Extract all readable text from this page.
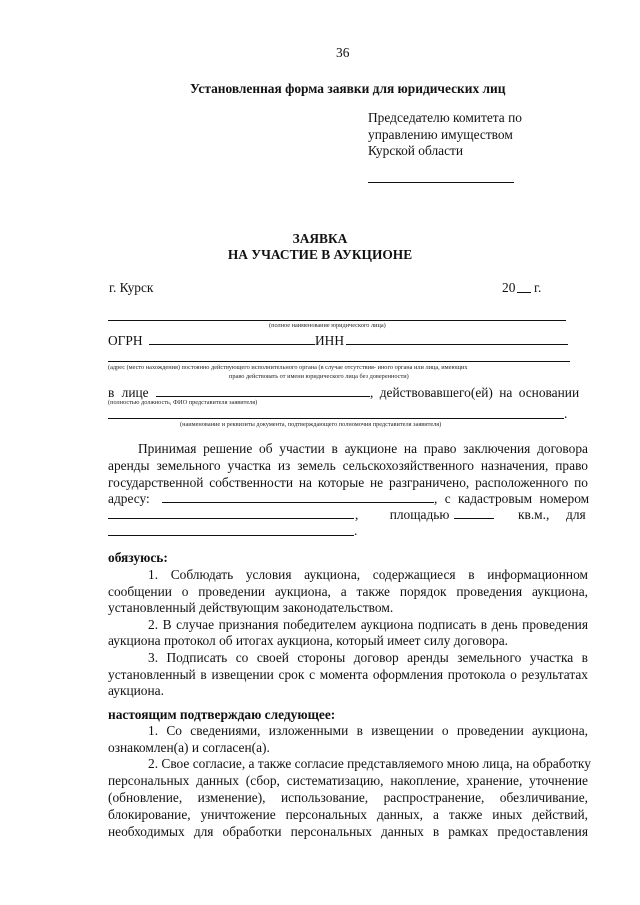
36
Установленная форма заявки для юридических лиц
Председателю комитета по
управлению имуществом
Курской области
ЗАЯВКА
НА УЧАСТИЕ В АУКЦИОНЕ
г. Курск	20 г.
(полное наименование юридического лица)
ОГРН	ИНН
(адрес (место нахождения) постоянно действующего исполнительного органа (в случае отсутствия- иного органа или лица, имеющих
право действовать от имени юридического лица без доверенности)
в лице	, действовавшего(ей) на основании
(полностью должность, ФИО представителя заявителя)
.
(наименование и реквизиты документа, подтверждающего полномочия представителя заявителя)
Принимая решение об участии в аукционе на право заключения договора
аренды земельного участка из земель сельскохозяйственного назначения, право
государственной собственности на которые не разграничено, расположенного по
адресу:	, с кадастровым номером
, площадью	кв.м., для
.
обязуюсь:
1. Соблюдать условия аукциона, содержащиеся в информационном
сообщении о проведении аукциона, а также порядок проведения аукциона,
установленный действующим законодательством.
2. В случае признания победителем аукциона подписать в день проведения
аукциона протокол об итогах аукциона, который имеет силу договора.
3. Подписать со своей стороны договор аренды земельного участка в
установленный в извещении срок с момента оформления протокола о результатах
аукциона.
настоящим подтверждаю следующее:
1. Со сведениями, изложенными в извещении о проведении аукциона,
ознакомлен(а) и согласен(а).
2. Свое согласие, а также согласие представляемого мною лица, на обработку
персональных данных (сбор, систематизацию, накопление, хранение, уточнение
(обновление, изменение), использование, распространение, обезличивание,
блокирование, уничтожение персональных данных, а также иных действий,
необходимых для обработки персональных данных в рамках предоставления
